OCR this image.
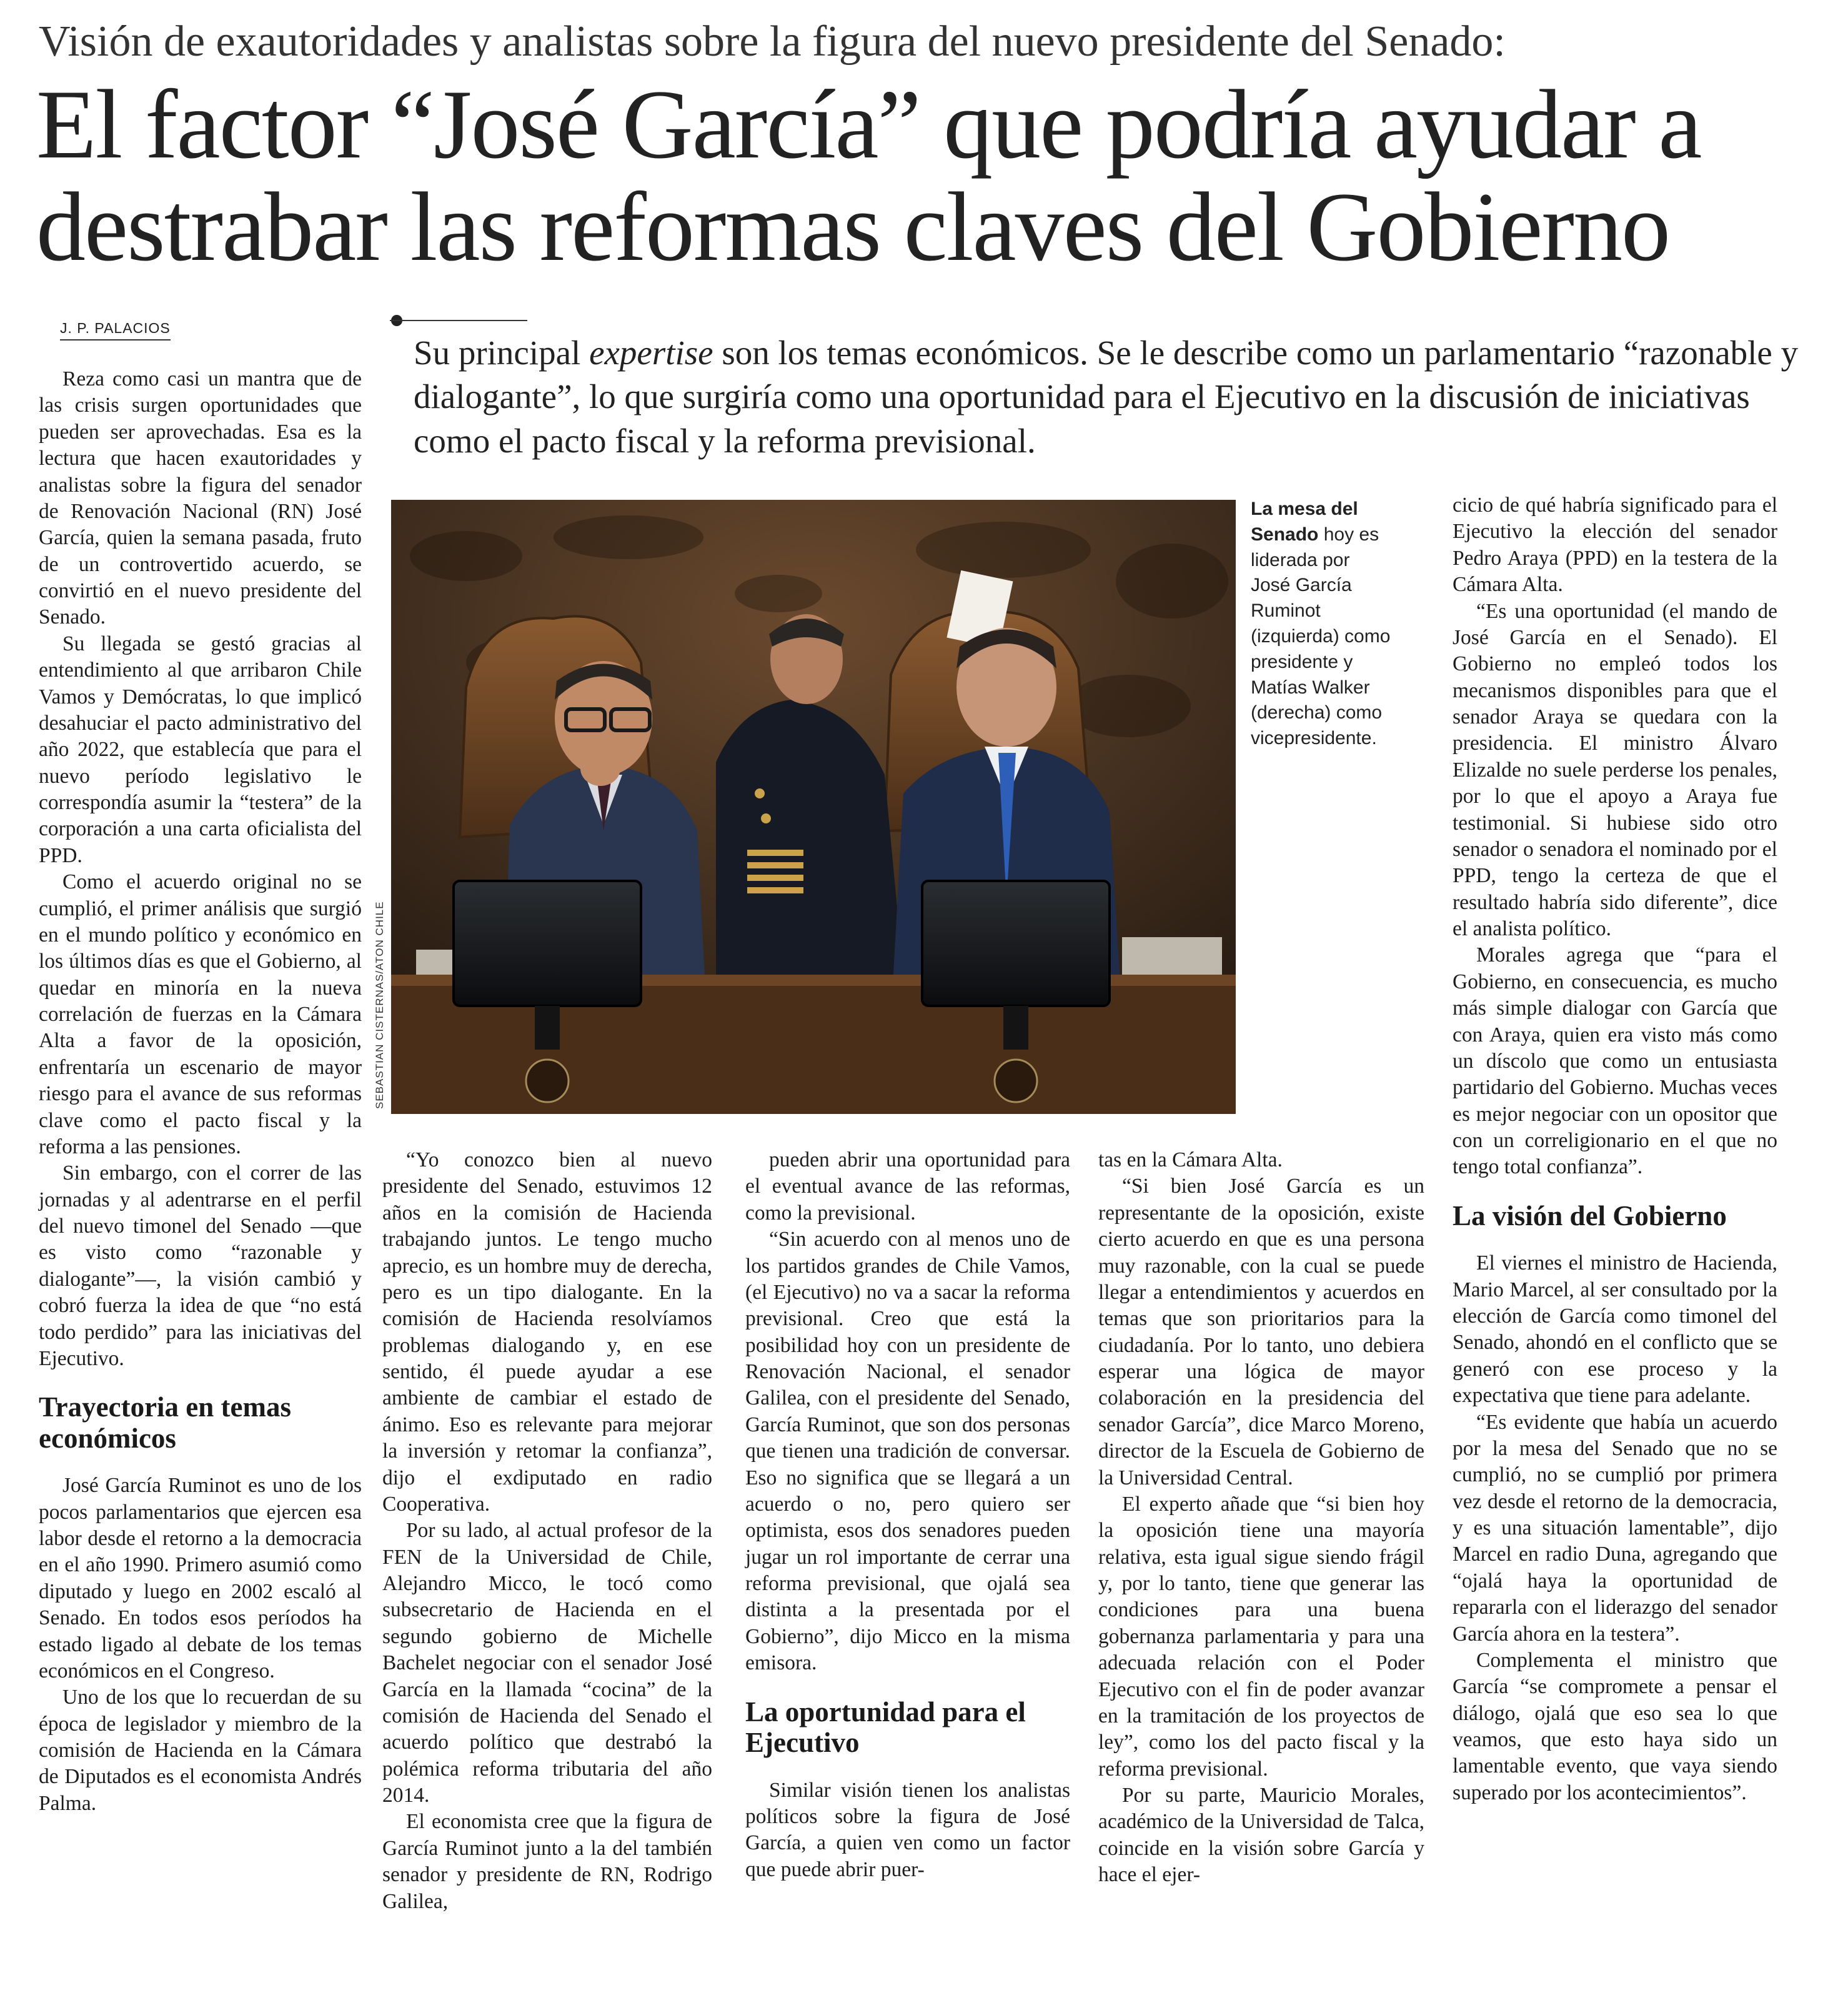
Visión de exautoridades y analistas sobre la figura del nuevo presidente del Senado:
El factor “José García” que podría ayudar a destrabar las reformas claves del Gobierno
J. P. PALACIOS
Su principal expertise son los temas económicos. Se le describe como un parlamentario “razonable y dialogante”, lo que surgiría como una oportunidad para el Ejecutivo en la discusión de iniciativas como el pacto fiscal y la reforma previsional.
SEBASTIAN CISTERNAS/ATON CHILE
La mesa del Senado hoy es liderada por José García Ruminot (izquierda) como presidente y Matías Walker (derecha) como vicepresidente.

Reza como casi un mantra que de las crisis surgen oportunidades que pueden ser aprovechadas. Esa es la lectura que hacen exautoridades y analistas sobre la figura del senador de Renovación Nacional (RN) José García, quien la semana pasada, fruto de un controvertido acuerdo, se convirtió en el nuevo presidente del Senado.

Su llegada se gestó gracias al entendimiento al que arribaron Chile Vamos y Demócratas, lo que implicó desahuciar el pacto administrativo del año 2022, que establecía que para el nuevo período legislativo le correspondía asumir la “testera” de la corporación a una carta oficialista del PPD.

Como el acuerdo original no se cumplió, el primer análisis que surgió en el mundo político y económico en los últimos días es que el Gobierno, al quedar en minoría en la nueva correlación de fuerzas en la Cámara Alta a favor de la oposición, enfrentaría un escenario de mayor riesgo para el avance de sus reformas clave como el pacto fiscal y la reforma a las pensiones.

Sin embargo, con el correr de las jornadas y al adentrarse en el perfil del nuevo timonel del Senado —que es visto como “razonable y dialogante”—, la visión cambió y cobró fuerza la idea de que “no está todo perdido” para las iniciativas del Ejecutivo.

Trayectoria en temas económicos

José García Ruminot es uno de los pocos parlamentarios que ejercen esa labor desde el retorno a la democracia en el año 1990. Primero asumió como diputado y luego en 2002 escaló al Senado. En todos esos períodos ha estado ligado al debate de los temas económicos en el Congreso.

Uno de los que lo recuerdan de su época de legislador y miembro de la comisión de Hacienda en la Cámara de Diputados es el economista Andrés Palma.

“Yo conozco bien al nuevo presidente del Senado, estuvimos 12 años en la comisión de Hacienda trabajando juntos. Le tengo mucho aprecio, es un hombre muy de derecha, pero es un tipo dialogante. En la comisión de Hacienda resolvíamos problemas dialogando y, en ese sentido, él puede ayudar a ese ambiente de cambiar el estado de ánimo. Eso es relevante para mejorar la inversión y retomar la confianza”, dijo el exdiputado en radio Cooperativa.

Por su lado, al actual profesor de la FEN de la Universidad de Chile, Alejandro Micco, le tocó como subsecretario de Hacienda en el segundo gobierno de Michelle Bachelet negociar con el senador José García en la llamada “cocina” de la comisión de Hacienda del Senado el acuerdo político que destrabó la polémica reforma tributaria del año 2014.

El economista cree que la figura de García Ruminot junto a la del también senador y presidente de RN, Rodrigo Galilea,

pueden abrir una oportunidad para el eventual avance de las reformas, como la previsional.

“Sin acuerdo con al menos uno de los partidos grandes de Chile Vamos, (el Ejecutivo) no va a sacar la reforma previsional. Creo que está la posibilidad hoy con un presidente de Renovación Nacional, el senador Galilea, con el presidente del Senado, García Ruminot, que son dos personas que tienen una tradición de conversar. Eso no significa que se llegará a un acuerdo o no, pero quiero ser optimista, esos dos senadores pueden jugar un rol importante de cerrar una reforma previsional, que ojalá sea distinta a la presentada por el Gobierno”, dijo Micco en la misma emisora.

La oportunidad para el Ejecutivo

Similar visión tienen los analistas políticos sobre la figura de José García, a quien ven como un factor que puede abrir puer-

tas en la Cámara Alta.

“Si bien José García es un representante de la oposición, existe cierto acuerdo en que es una persona muy razonable, con la cual se puede llegar a entendimientos y acuerdos en temas que son prioritarios para la ciudadanía. Por lo tanto, uno debiera esperar una lógica de mayor colaboración en la presidencia del senador García”, dice Marco Moreno, director de la Escuela de Gobierno de la Universidad Central.

El experto añade que “si bien hoy la oposición tiene una mayoría relativa, esta igual sigue siendo frágil y, por lo tanto, tiene que generar las condiciones para una buena gobernanza parlamentaria y para una adecuada relación con el Poder Ejecutivo con el fin de poder avanzar en la tramitación de los proyectos de ley”, como los del pacto fiscal y la reforma previsional.

Por su parte, Mauricio Morales, académico de la Universidad de Talca, coincide en la visión sobre García y hace el ejer-

cicio de qué habría significado para el Ejecutivo la elección del senador Pedro Araya (PPD) en la testera de la Cámara Alta.

“Es una oportunidad (el mando de José García en el Senado). El Gobierno no empleó todos los mecanismos disponibles para que el senador Araya se quedara con la presidencia. El ministro Álvaro Elizalde no suele perderse los penales, por lo que el apoyo a Araya fue testimonial. Si hubiese sido otro senador o senadora el nominado por el PPD, tengo la certeza de que el resultado habría sido diferente”, dice el analista político.

Morales agrega que “para el Gobierno, en consecuencia, es mucho más simple dialogar con García que con Araya, quien era visto más como un díscolo que como un entusiasta partidario del Gobierno. Muchas veces es mejor negociar con un opositor que con un correligionario en el que no tengo total confianza”.

La visión del Gobierno

El viernes el ministro de Hacienda, Mario Marcel, al ser consultado por la elección de García como timonel del Senado, ahondó en el conflicto que se generó con ese proceso y la expectativa que tiene para adelante.

“Es evidente que había un acuerdo por la mesa del Senado que no se cumplió, no se cumplió por primera vez desde el retorno de la democracia, y es una situación lamentable”, dijo Marcel en radio Duna, agregando que “ojalá haya la oportunidad de repararla con el liderazgo del senador García ahora en la testera”.

Complementa el ministro que García “se compromete a pensar el diálogo, ojalá que eso sea lo que veamos, que esto haya sido un lamentable evento, que vaya siendo superado por los acontecimientos”.
